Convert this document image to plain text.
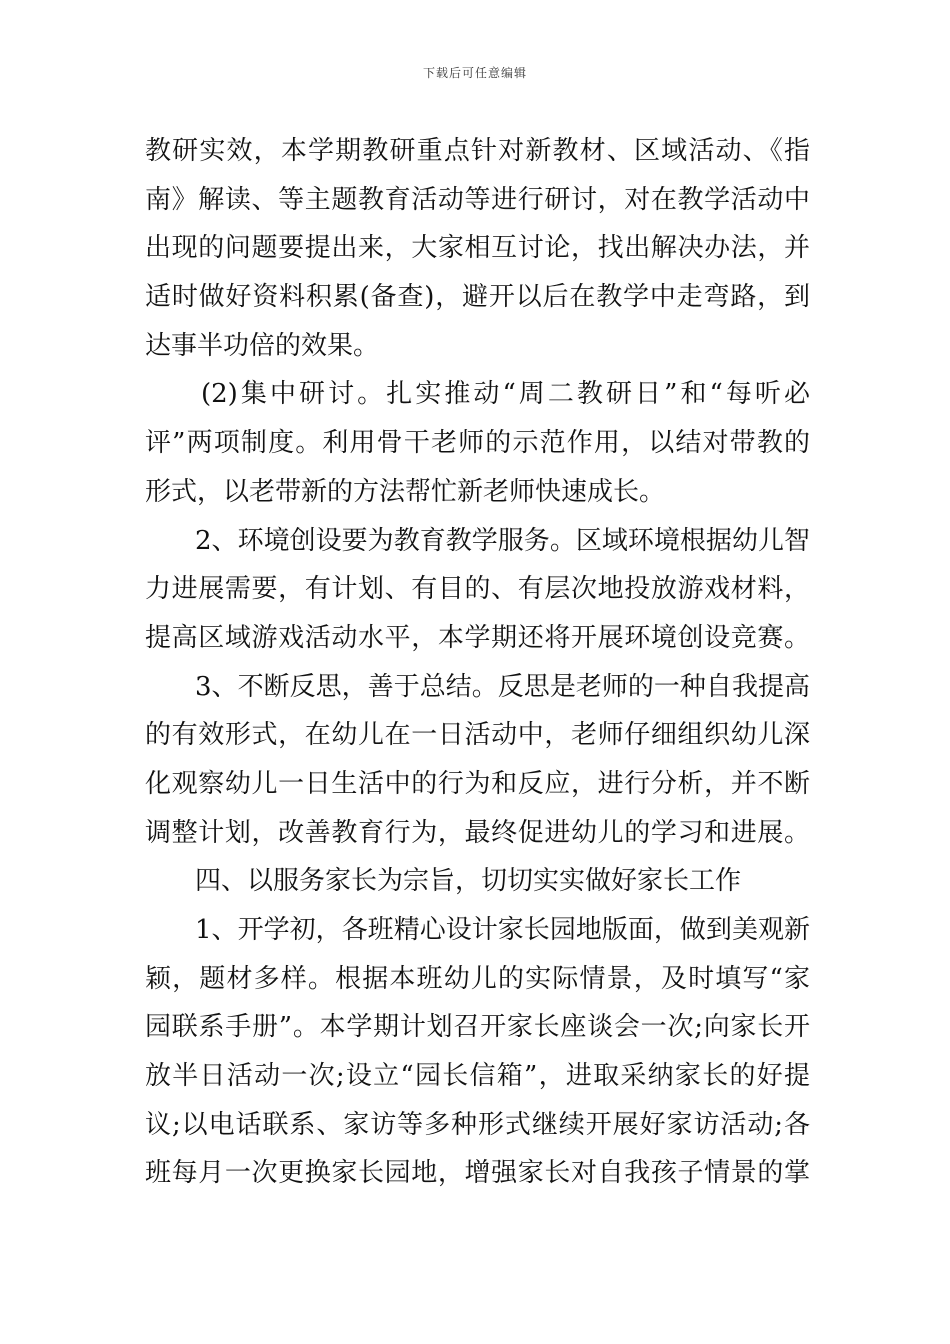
下载后可任意编辑
教研实效，本学期教研重点针对新教材、区域活动、《指
南》解读、等主题教育活动等进行研讨，对在教学活动中
出现的问题要提出来，大家相互讨论，找出解决办法，并
适时做好资料积累(备查)，避开以后在教学中走弯路，到
达事半功倍的效果。
(2)集中研讨。扎实推动“周二教研日”和“每听必
评”两项制度。利用骨干老师的示范作用，以结对带教的
形式，以老带新的方法帮忙新老师快速成长。
2、环境创设要为教育教学服务。区域环境根据幼儿智
力进展需要，有计划、有目的、有层次地投放游戏材料，
提高区域游戏活动水平，本学期还将开展环境创设竞赛。
3、不断反思，善于总结。反思是老师的一种自我提高
的有效形式，在幼儿在一日活动中，老师仔细组织幼儿深
化观察幼儿一日生活中的行为和反应，进行分析，并不断
调整计划，改善教育行为，最终促进幼儿的学习和进展。
四、以服务家长为宗旨，切切实实做好家长工作
1、开学初，各班精心设计家长园地版面，做到美观新
颖，题材多样。根据本班幼儿的实际情景，及时填写“家
园联系手册”。本学期计划召开家长座谈会一次;向家长开
放半日活动一次;设立“园长信箱”，进取采纳家长的好提
议;以电话联系、家访等多种形式继续开展好家访活动;各
班每月一次更换家长园地，增强家长对自我孩子情景的掌
